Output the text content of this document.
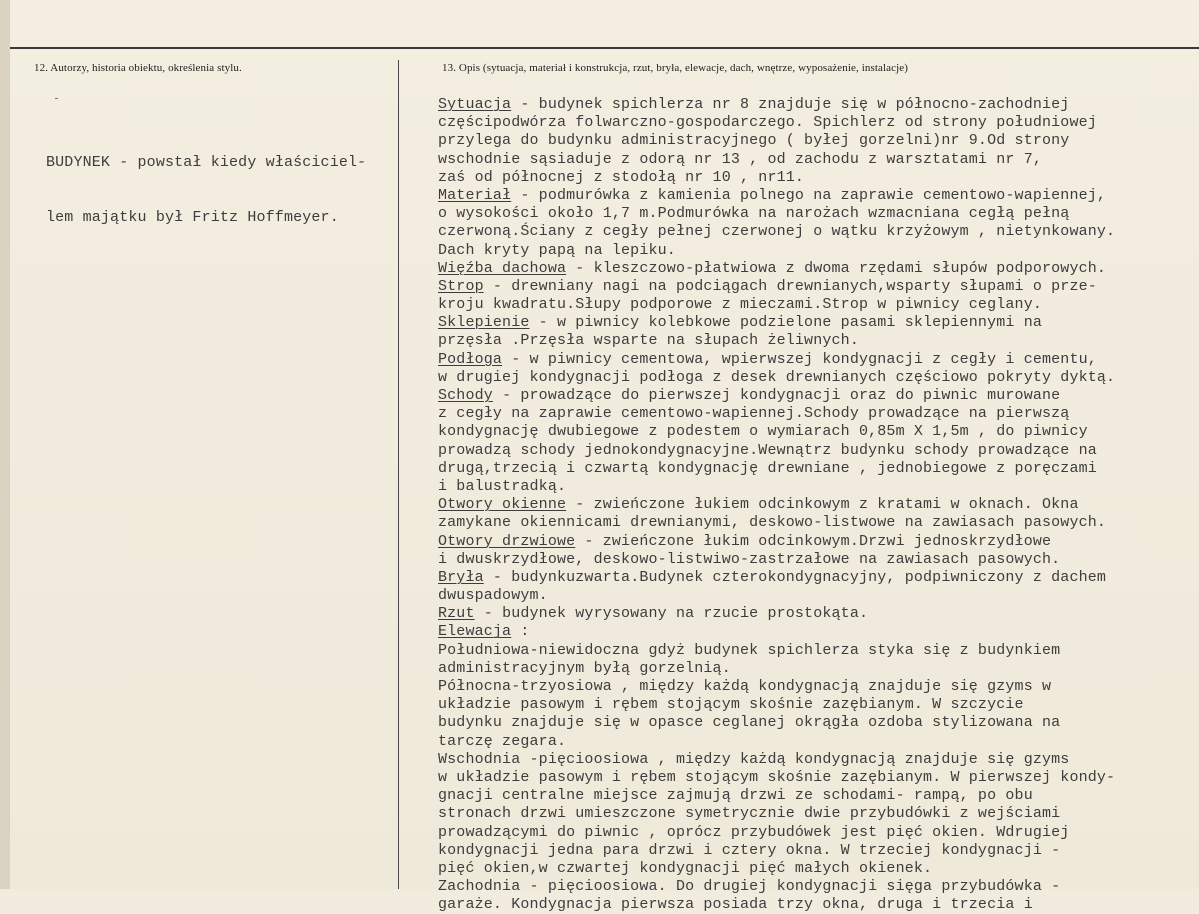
12. Autorzy, historia obiektu, określenia stylu.	13. Opis (sytuacja, materiał i konstrukcja, rzut, bryła, elewacje, dach, wnętrze, wyposażenie, instalacje)

BUDYNEK - powstał kiedy właściciel-

lem majątku był Fritz Hoffmeyer.

Sytuacja - budynek spichlerza nr 8 znajduje się w północno-zachodniej
częścipodwórza folwarczno-gospodarczego. Spichlerz od strony południowej
przylega do budynku administracyjnego ( byłej gorzelni)nr 9.Od strony
wschodnie sąsiaduje z odorą nr 13 , od zachodu z warsztatami nr 7,
zaś od północnej z stodołą nr 10 , nr11.
Materiał - podmurówka z kamienia polnego na zaprawie cementowo-wapiennej,
o wysokości około 1,7 m.Podmurówka na narożach wzmacniana cegłą pełną
czerwoną.Ściany z cegły pełnej czerwonej o wątku krzyżowym , nietynkowany.
Dach kryty papą na lepiku.
Więźba dachowa - kleszczowo-płatwiowa z dwoma rzędami słupów podporowych.
Strop - drewniany nagi na podciągach drewnianych,wsparty słupami o prze-
kroju kwadratu.Słupy podporowe z mieczami.Strop w piwnicy ceglany.
Sklepienie - w piwnicy kolebkowe podzielone pasami sklepiennymi na
przęsła .Przęsła wsparte na słupach żeliwnych.
Podłoga - w piwnicy cementowa, wpierwszej kondygnacji z cegły i cementu,
w drugiej kondygnacji podłoga z desek drewnianych częściowo pokryty dyktą.
Schody - prowadzące do pierwszej kondygnacji oraz do piwnic murowane
z cegły na zaprawie cementowo-wapiennej.Schody prowadzące na pierwszą
kondygnację dwubiegowe z podestem o wymiarach 0,85m X 1,5m , do piwnicy
prowadzą schody jednokondygnacyjne.Wewnątrz budynku schody prowadzące na
drugą,trzecią i czwartą kondygnację drewniane , jednobiegowe z poręczami
i balustradką.
Otwory okienne - zwieńczone łukiem odcinkowym z kratami w oknach. Okna
zamykane okiennicami drewnianymi, deskowo-listwowe na zawiasach pasowych.
Otwory drzwiowe - zwieńczone łukim odcinkowym.Drzwi jednoskrzydłowe
i dwuskrzydłowe, deskowo-listwiwo-zastrzałowe na zawiasach pasowych.
Bryła - budynkuzwarta.Budynek czterokondygnacyjny, podpiwniczony z dachem
dwuspadowym.
Rzut - budynek wyrysowany na rzucie prostokąta.
Elewacja :
Południowa-niewidoczna gdyż budynek spichlerza styka się z budynkiem
administracyjnym byłą gorzelnią.
Północna-trzyosiowa , między każdą kondygnacją znajduje się gzyms w
układzie pasowym i rębem stojącym skośnie zazębianym. W szczycie
budynku znajduje się w opasce ceglanej okrągła ozdoba stylizowana na
tarczę zegara.
Wschodnia -pięcioosiowa , między każdą kondygnacją znajduje się gzyms
w układzie pasowym i rębem stojącym skośnie zazębianym. W pierwszej kondy-
gnacji centralne miejsce zajmują drzwi ze schodami- rampą, po obu
stronach drzwi umieszczone symetrycznie dwie przybudówki z wejściami
prowadzącymi do piwnic , oprócz przybudówek jest pięć okien. Wdrugiej
kondygnacji jedna para drzwi i cztery okna. W trzeciej kondygnacji -
pięć okien,w czwartej kondygnacji pięć małych okienek.
Zachodnia - pięcioosiowa. Do drugiej kondygnacji sięga przybudówka -
garaże. Kondygnacja pierwsza posiada trzy okna, druga i trzecia i
